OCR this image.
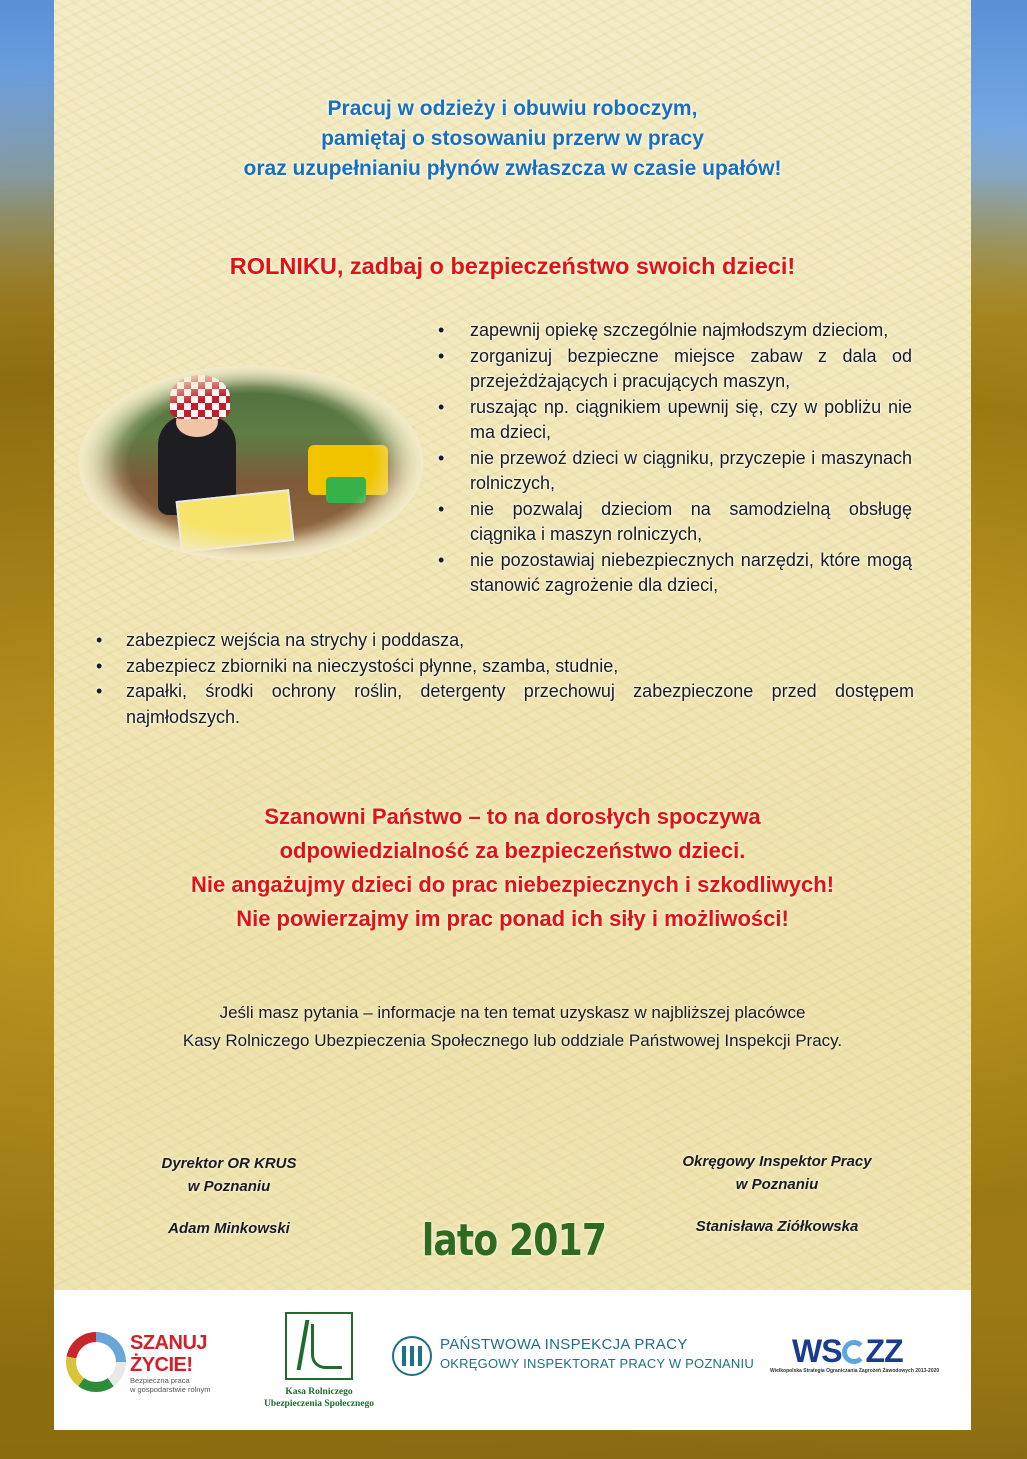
Pracuj w odzieży i obuwiu roboczym,
pamiętaj o stosowaniu przerw w pracy
oraz uzupełnianiu płynów zwłaszcza w czasie upałów!
ROLNIKU, zadbaj o bezpieczeństwo swoich dzieci!
• zapewnij opiekę szczególnie najmłodszym dzieciom,
• zorganizuj bezpieczne miejsce zabaw z dala od przejeżdżających i pracujących maszyn,
• ruszając np. ciągnikiem upewnij się, czy w pobliżu nie ma dzieci,
• nie przewoź dzieci w ciągniku, przyczepie i maszynach rolniczych,
• nie pozwalaj dzieciom na samodzielną obsługę ciągnika i maszyn rolniczych,
• nie pozostawiaj niebezpiecznych narzędzi, które mogą stanowić zagrożenie dla dzieci,
• zabezpiecz wejścia na strychy i poddasza,
• zabezpiecz zbiorniki na nieczystości płynne, szamba, studnie,
• zapałki, środki ochrony roślin, detergenty przechowuj zabezpieczone przed dostępem najmłodszych.
Szanowni Państwo – to na dorosłych spoczywa
odpowiedzialność za bezpieczeństwo dzieci.
Nie angażujmy dzieci do prac niebezpiecznych i szkodliwych!
Nie powierzajmy im prac ponad ich siły i możliwości!
Jeśli masz pytania – informacje na ten temat uzyskasz w najbliższej placówce
Kasy Rolniczego Ubezpieczenia Społecznego lub oddziale Państwowej Inspekcji Pracy.
Dyrektor OR KRUS
w Poznaniu
Adam Minkowski
Okręgowy Inspektor Pracy
w Poznaniu
Stanisława Ziółkowska
lato 2017
SZANUJ
ŻYCIE!
Bezpieczna praca
w gospodarstwie rolnym	Kasa Rolniczego
Ubezpieczenia Społecznego
PAŃSTWOWA INSPEKCJA PRACY
OKRĘGOWY INSPEKTORAT PRACY W POZNANIU	WS ZZ
Wielkopolska Strategia Ograniczania Zagrożeń Zawodowych 2013-2020
